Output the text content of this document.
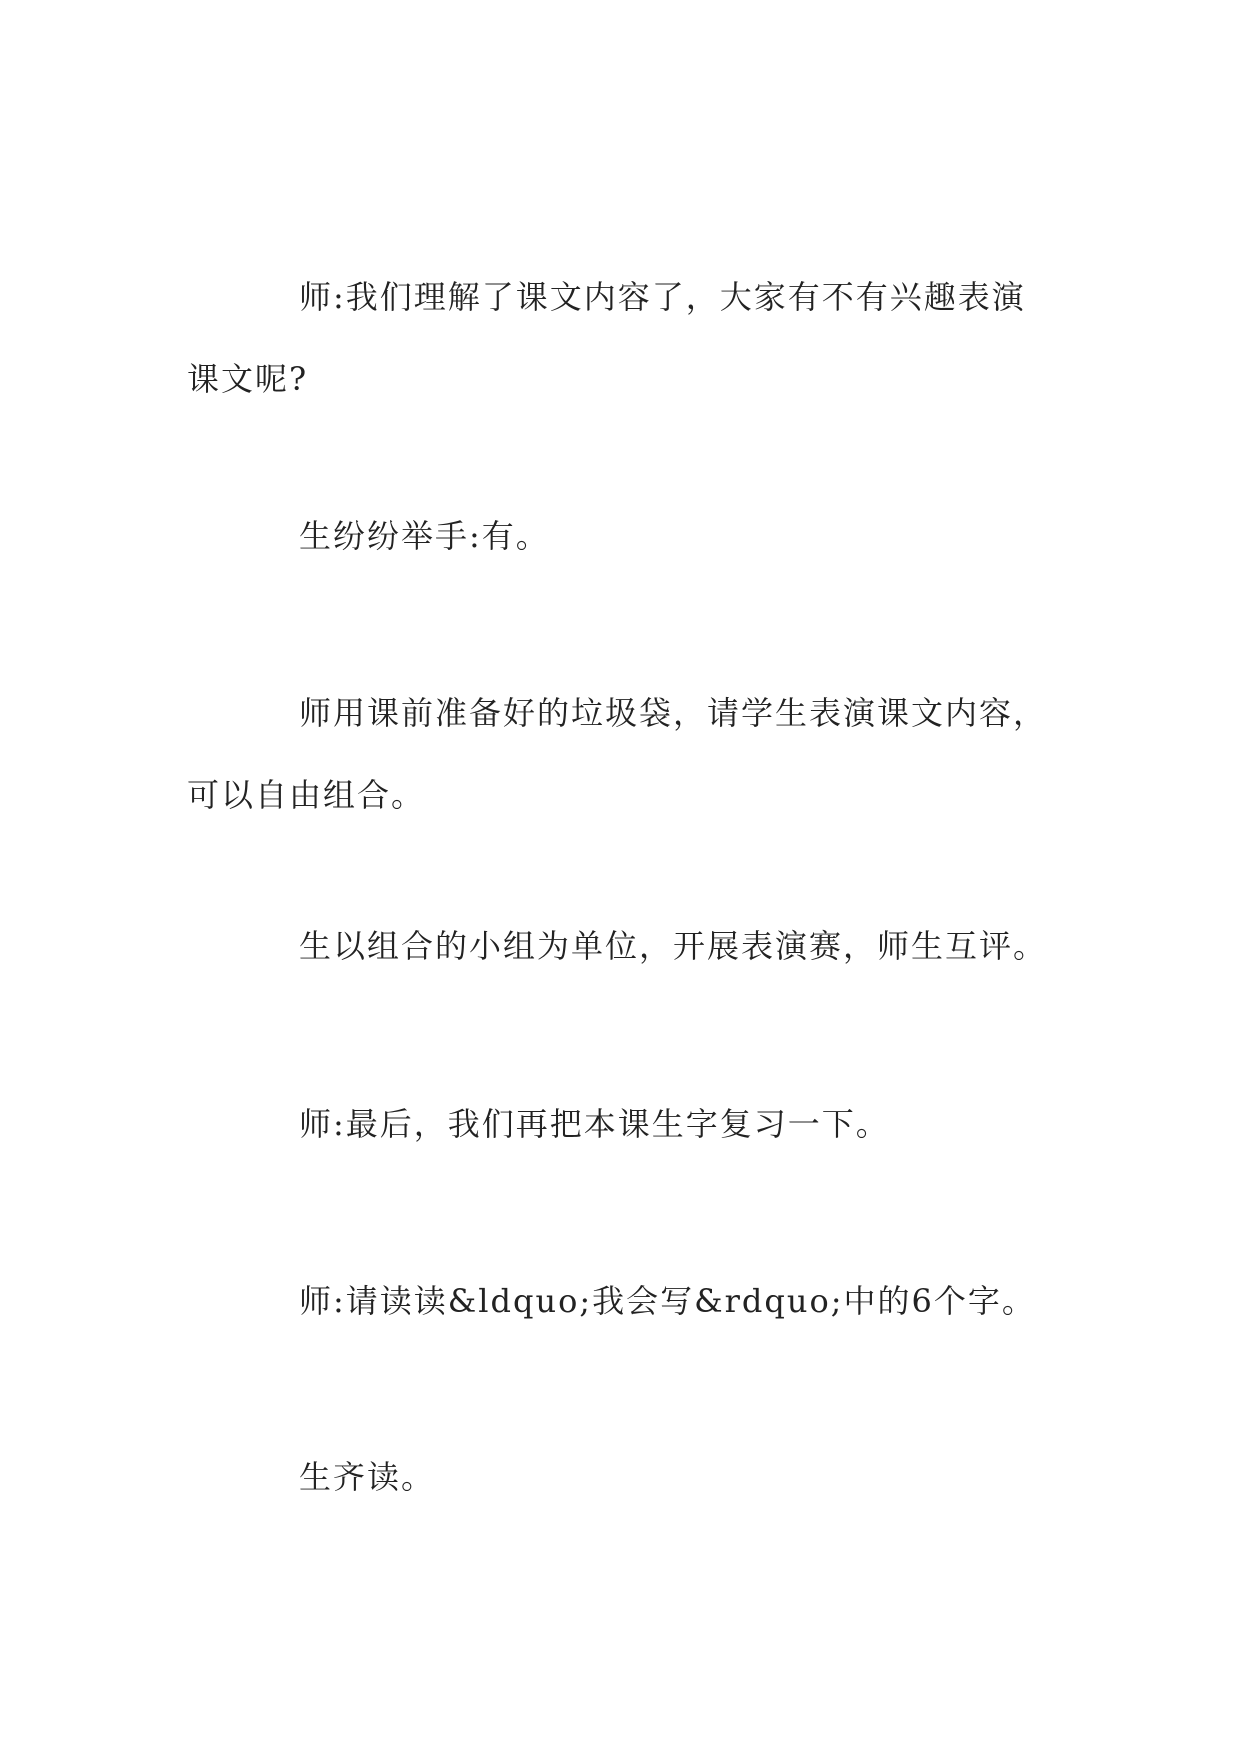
师:我们理解了课文内容了，大家有不有兴趣表演课文呢?

生纷纷举手:有。

师用课前准备好的垃圾袋，请学生表演课文内容，可以自由组合。

生以组合的小组为单位，开展表演赛，师生互评。

师:最后，我们再把本课生字复习一下。

师:请读读&ldquo;我会写&rdquo;中的6个字。

生齐读。
